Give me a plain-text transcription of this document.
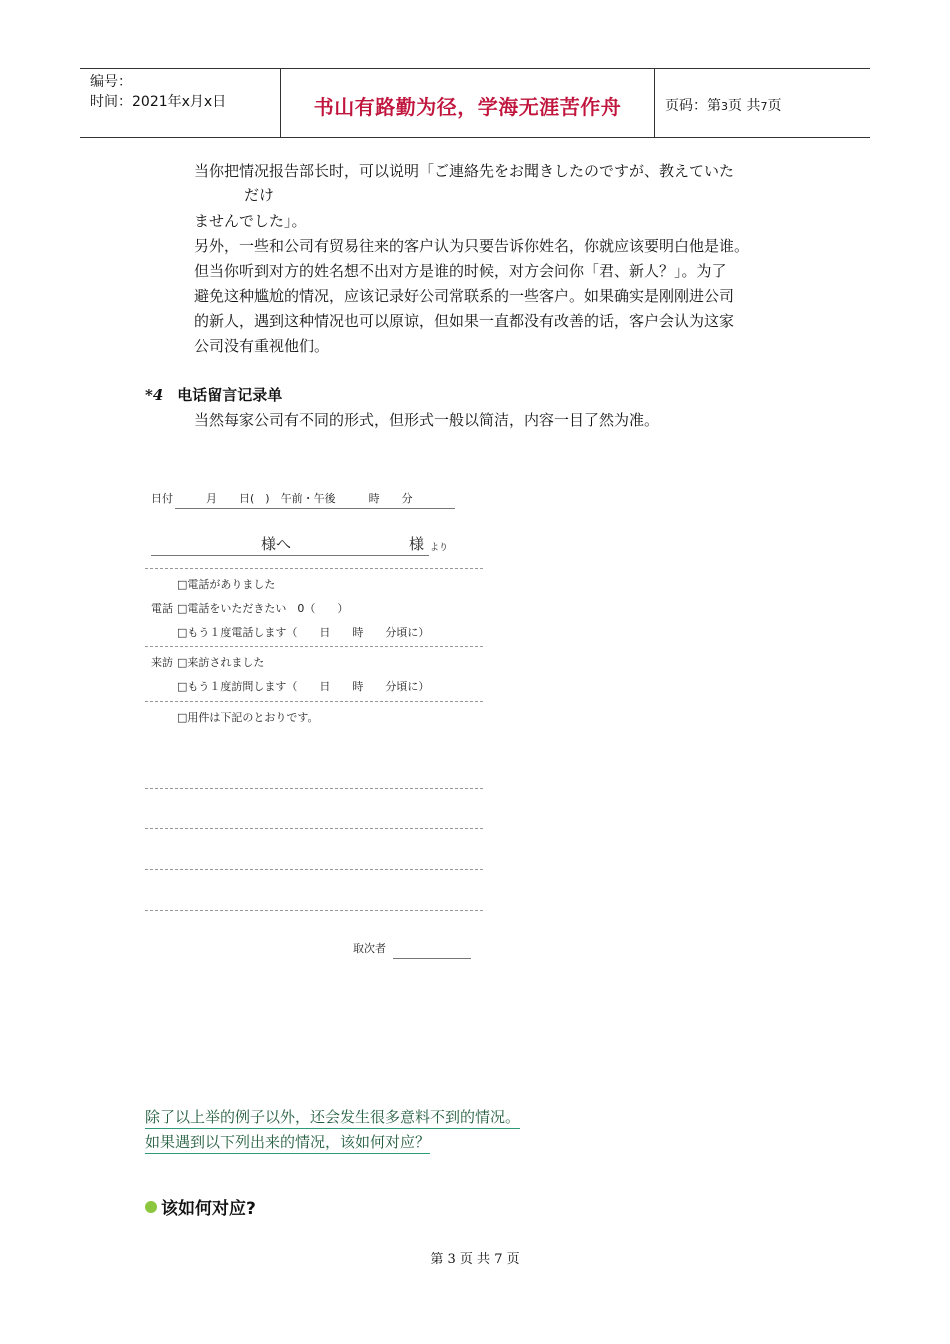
编号：
时间：2021年x月x日	书山有路勤为径，学海无涯苦作舟	页码：第3页 共7页
当你把情况报告部长时，可以说明「ご連絡先をお聞きしたのですが、教えていた
だけ
ませんでした」。
另外，一些和公司有贸易往来的客户认为只要告诉你姓名，你就应该要明白他是谁。
但当你听到对方的姓名想不出对方是谁的时候，对方会问你「君、新人？」。为了
避免这种尴尬的情况，应该记录好公司常联系的一些客户。如果确实是刚刚进公司
的新人，遇到这种情况也可以原谅，但如果一直都没有改善的话，客户会认为这家
公司没有重视他们。
*4 电话留言记录单
当然每家公司有不同的形式，但形式一般以简洁，内容一目了然为准。
日付　　　月　　日(　)　午前・午後　　　時　　分
様へ	様 より
□電話がありました
電話 □電話をいただきたい　0（　　）
□もう１度電話します（　　日　　時　　分頃に）
来訪 □来訪されました
□もう１度訪問します（　　日　　時　　分頃に）
□用件は下記のとおりです。
取次者
除了以上举的例子以外，还会发生很多意料不到的情况。
如果遇到以下列出来的情况，该如何对应？
该如何对应?
第 3 页 共 7 页
